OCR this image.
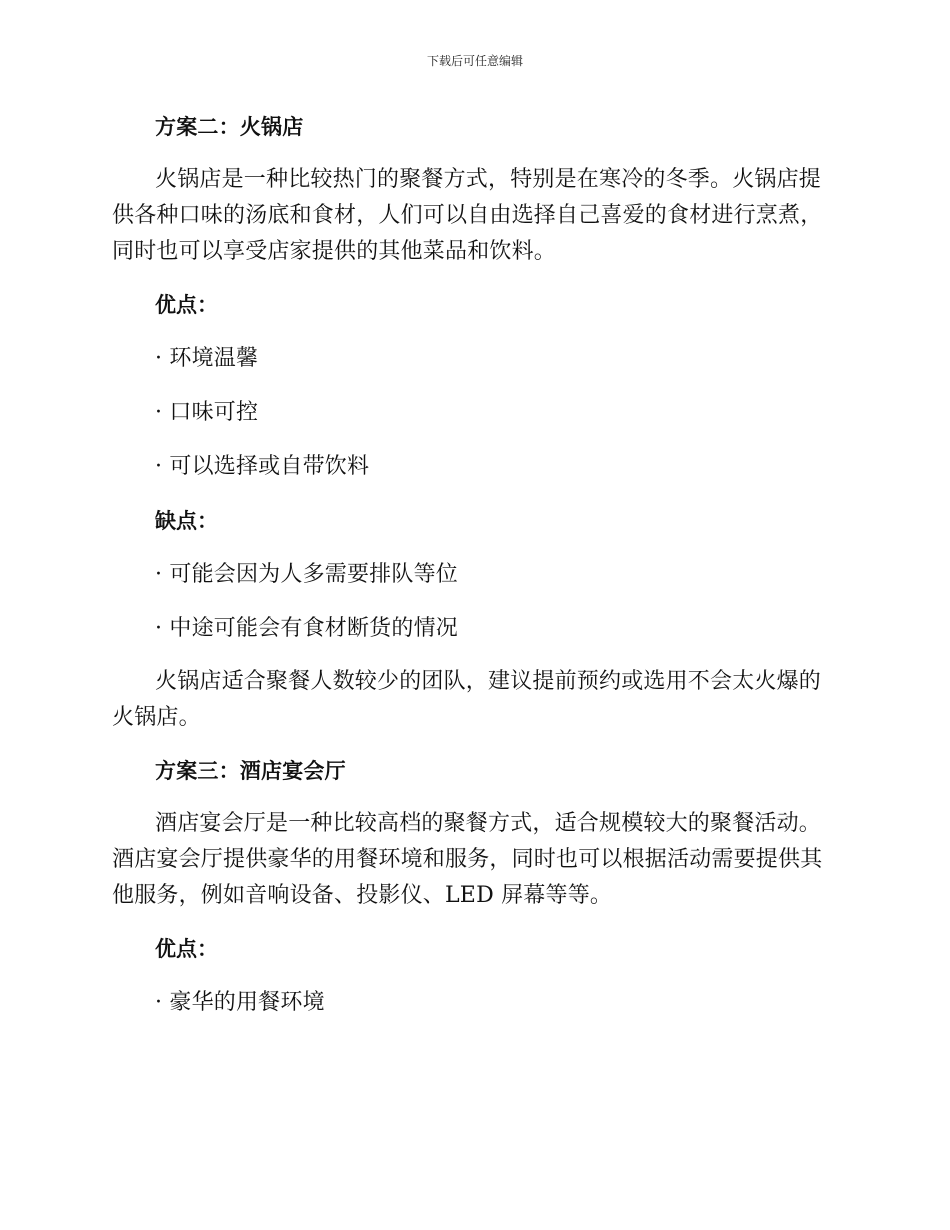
下载后可任意编辑
方案二：火锅店
火锅店是一种比较热门的聚餐方式，特别是在寒冷的冬季。火锅店提供各种口味的汤底和食材，人们可以自由选择自己喜爱的食材进行烹煮，同时也可以享受店家提供的其他菜品和饮料。
优点：
· 环境温馨
· 口味可控
· 可以选择或自带饮料
缺点：
· 可能会因为人多需要排队等位
· 中途可能会有食材断货的情况
火锅店适合聚餐人数较少的团队，建议提前预约或选用不会太火爆的火锅店。
方案三：酒店宴会厅
酒店宴会厅是一种比较高档的聚餐方式，适合规模较大的聚餐活动。酒店宴会厅提供豪华的用餐环境和服务，同时也可以根据活动需要提供其他服务，例如音响设备、投影仪、LED 屏幕等等。
优点：
· 豪华的用餐环境
